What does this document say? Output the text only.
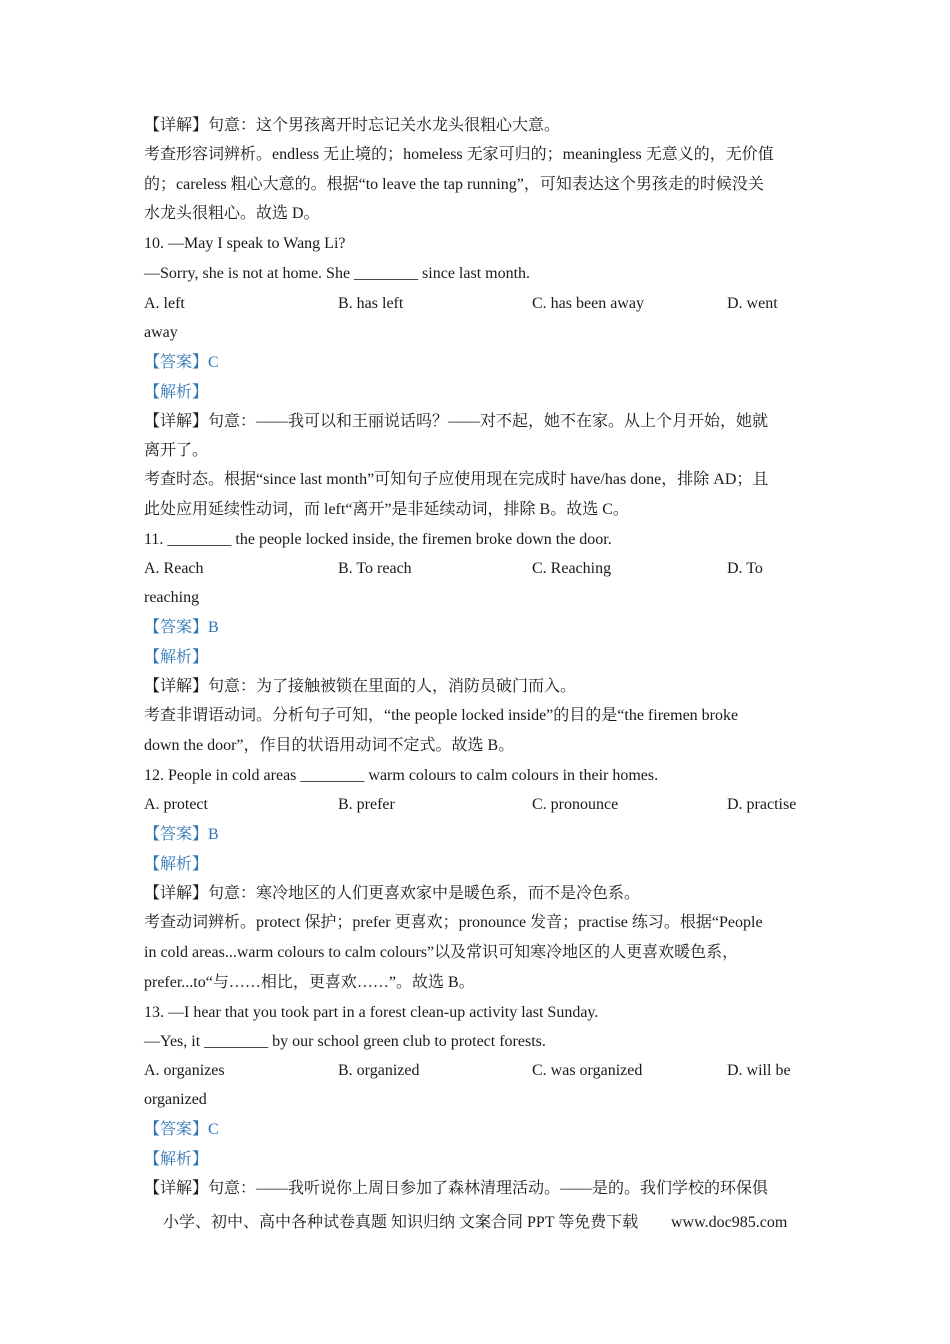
【详解】句意：这个男孩离开时忘记关水龙头很粗心大意。
考查形容词辨析。endless 无止境的；homeless 无家可归的；meaningless 无意义的，无价值
的；careless 粗心大意的。根据“to leave the tap running”，可知表达这个男孩走的时候没关
水龙头很粗心。故选 D。
10. —May I speak to Wang Li?
—Sorry, she is not at home. She ________ since last month.
A. left	B. has left	C. has been away	D. went
away
【答案】C
【解析】
【详解】句意：——我可以和王丽说话吗？——对不起，她不在家。从上个月开始，她就
离开了。
考查时态。根据“since last month”可知句子应使用现在完成时 have/has done，排除 AD；且
此处应用延续性动词，而 left“离开”是非延续动词，排除 B。故选 C。
11. ________ the people locked inside, the firemen broke down the door.
A. Reach	B. To reach	C. Reaching	D. To
reaching
【答案】B
【解析】
【详解】句意：为了接触被锁在里面的人，消防员破门而入。
考查非谓语动词。分析句子可知，“the people locked inside”的目的是“the firemen broke
down the door”，作目的状语用动词不定式。故选 B。
12. People in cold areas ________ warm colours to calm colours in their homes.
A. protect	B. prefer	C. pronounce	D. practise
【答案】B
【解析】
【详解】句意：寒冷地区的人们更喜欢家中是暖色系，而不是冷色系。
考查动词辨析。protect 保护；prefer 更喜欢；pronounce 发音；practise 练习。根据“People
in cold areas...warm colours to calm colours”以及常识可知寒冷地区的人更喜欢暖色系，
prefer...to“与……相比，更喜欢……”。故选 B。
13. —I hear that you took part in a forest clean-up activity last Sunday.
—Yes, it ________ by our school green club to protect forests.
A. organizes	B. organized	C. was organized	D. will be
organized
【答案】C
【解析】
【详解】句意：——我听说你上周日参加了森林清理活动。——是的。我们学校的环保俱
小学、初中、高中各种试卷真题 知识归纳 文案合同 PPT 等免费下载 www.doc985.com
